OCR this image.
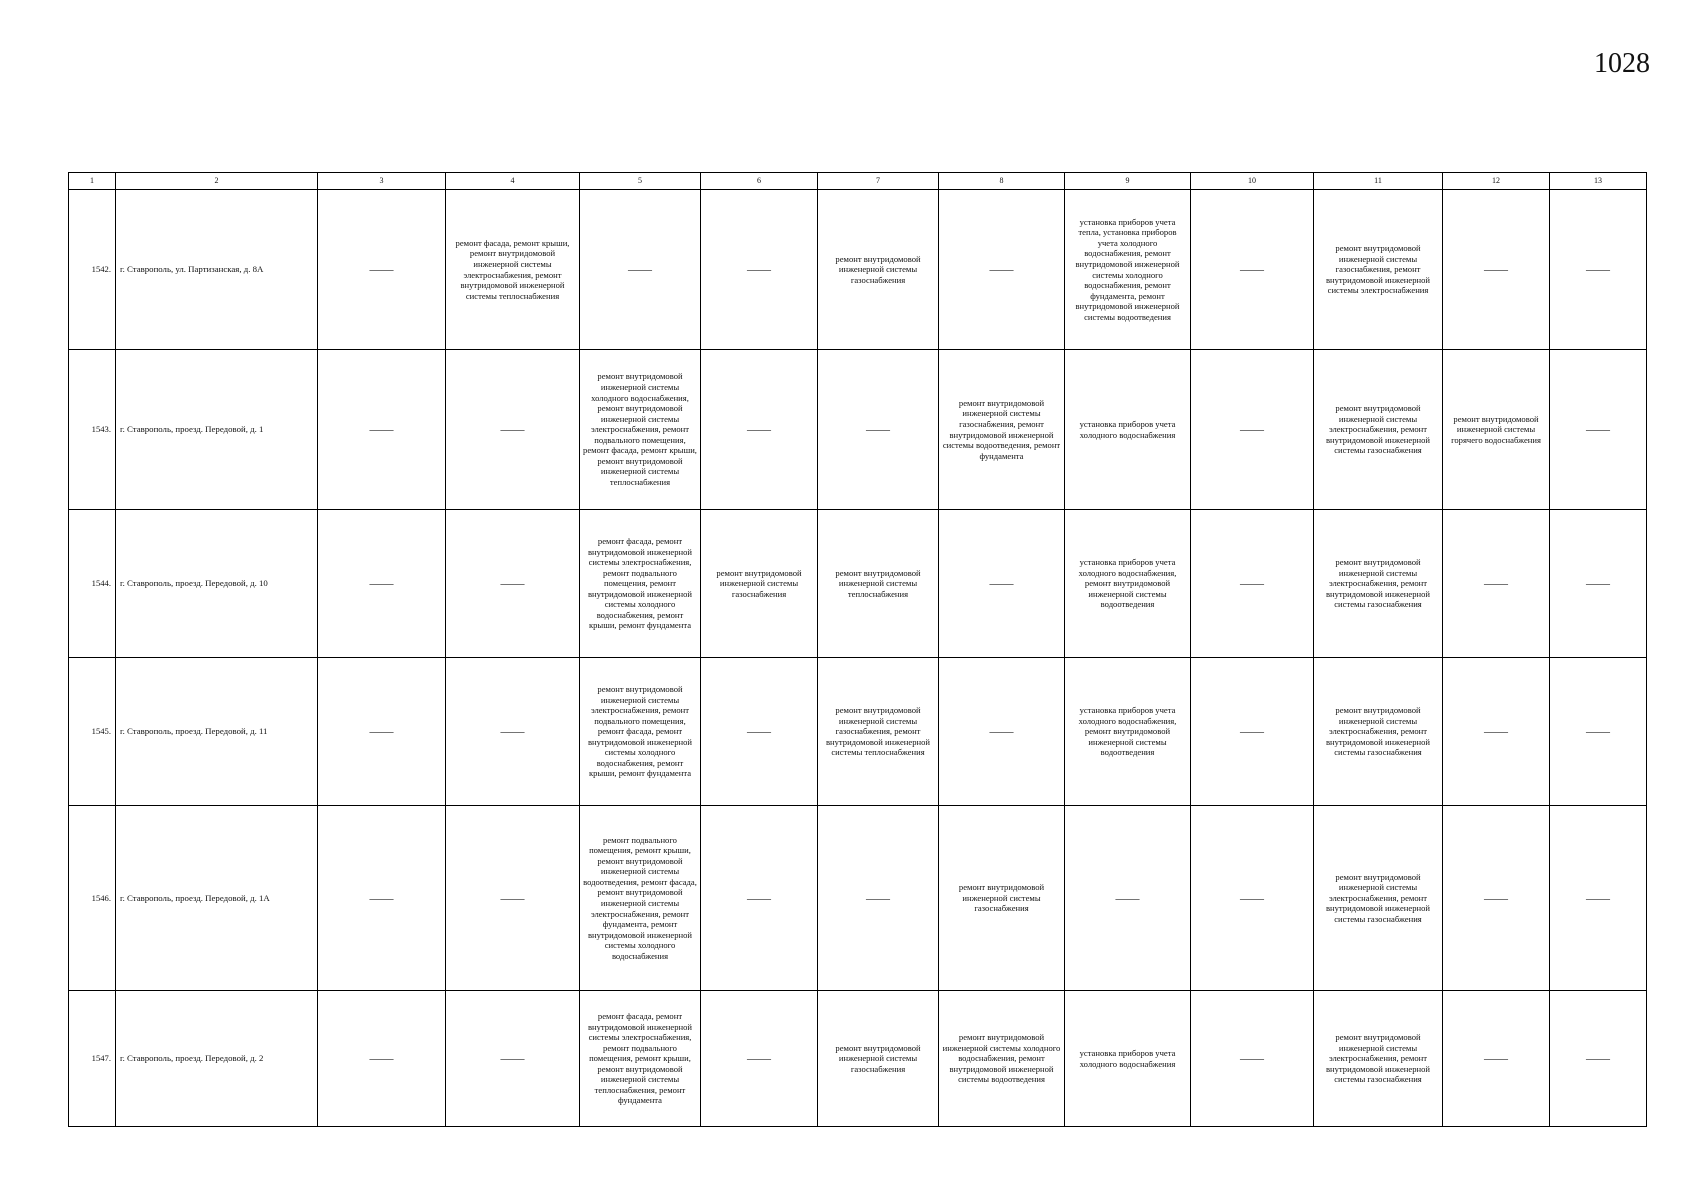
1028
1	2	3	4	5	6	7	8	9	10	11	12	13
1542.	г. Ставрополь, ул. Партизанская, д. 8А	——	ремонт фасада, ремонт крыши, ремонт внутридомовой инженерной системы электроснабжения, ремонт внутридомовой инженерной системы теплоснабжения	——	——	ремонт внутридомовой инженерной системы газоснабжения	——	установка приборов учета тепла, установка приборов учета холодного водоснабжения, ремонт внутридомовой инженерной системы холодного водоснабжения, ремонт фундамента, ремонт внутридомовой инженерной системы водоотведения	——	ремонт внутридомовой инженерной системы газоснабжения, ремонт внутридомовой инженерной системы электроснабжения	——	——
1543.	г. Ставрополь, проезд. Передовой, д. 1	——	——	ремонт внутридомовой инженерной системы холодного водоснабжения, ремонт внутридомовой инженерной системы электроснабжения, ремонт подвального помещения, ремонт фасада, ремонт крыши, ремонт внутридомовой инженерной системы теплоснабжения	——	——	ремонт внутридомовой инженерной системы газоснабжения, ремонт внутридомовой инженерной системы водоотведения, ремонт фундамента	установка приборов учета холодного водоснабжения	——	ремонт внутридомовой инженерной системы электроснабжения, ремонт внутридомовой инженерной системы газоснабжения	ремонт внутридомовой инженерной системы горячего водоснабжения	——
1544.	г. Ставрополь, проезд. Передовой, д. 10	——	——	ремонт фасада, ремонт внутридомовой инженерной системы электроснабжения, ремонт подвального помещения, ремонт внутридомовой инженерной системы холодного водоснабжения, ремонт крыши, ремонт фундамента	ремонт внутридомовой инженерной системы газоснабжения	ремонт внутридомовой инженерной системы теплоснабжения	——	установка приборов учета холодного водоснабжения, ремонт внутридомовой инженерной системы водоотведения	——	ремонт внутридомовой инженерной системы электроснабжения, ремонт внутридомовой инженерной системы газоснабжения	——	——
1545.	г. Ставрополь, проезд. Передовой, д. 11	——	——	ремонт внутридомовой инженерной системы электроснабжения, ремонт подвального помещения, ремонт фасада, ремонт внутридомовой инженерной системы холодного водоснабжения, ремонт крыши, ремонт фундамента	——	ремонт внутридомовой инженерной системы газоснабжения, ремонт внутридомовой инженерной системы теплоснабжения	——	установка приборов учета холодного водоснабжения, ремонт внутридомовой инженерной системы водоотведения	——	ремонт внутридомовой инженерной системы электроснабжения, ремонт внутридомовой инженерной системы газоснабжения	——	——
1546.	г. Ставрополь, проезд. Передовой, д. 1А	——	——	ремонт подвального помещения, ремонт крыши, ремонт внутридомовой инженерной системы водоотведения, ремонт фасада, ремонт внутридомовой инженерной системы электроснабжения, ремонт фундамента, ремонт внутридомовой инженерной системы холодного водоснабжения	——	——	ремонт внутридомовой инженерной системы газоснабжения	——	——	ремонт внутридомовой инженерной системы электроснабжения, ремонт внутридомовой инженерной системы газоснабжения	——	——
1547.	г. Ставрополь, проезд. Передовой, д. 2	——	——	ремонт фасада, ремонт внутридомовой инженерной системы электроснабжения, ремонт подвального помещения, ремонт крыши, ремонт внутридомовой инженерной системы теплоснабжения, ремонт фундамента	——	ремонт внутридомовой инженерной системы газоснабжения	ремонт внутридомовой инженерной системы холодного водоснабжения, ремонт внутридомовой инженерной системы водоотведения	установка приборов учета холодного водоснабжения	——	ремонт внутридомовой инженерной системы электроснабжения, ремонт внутридомовой инженерной системы газоснабжения	——	——
